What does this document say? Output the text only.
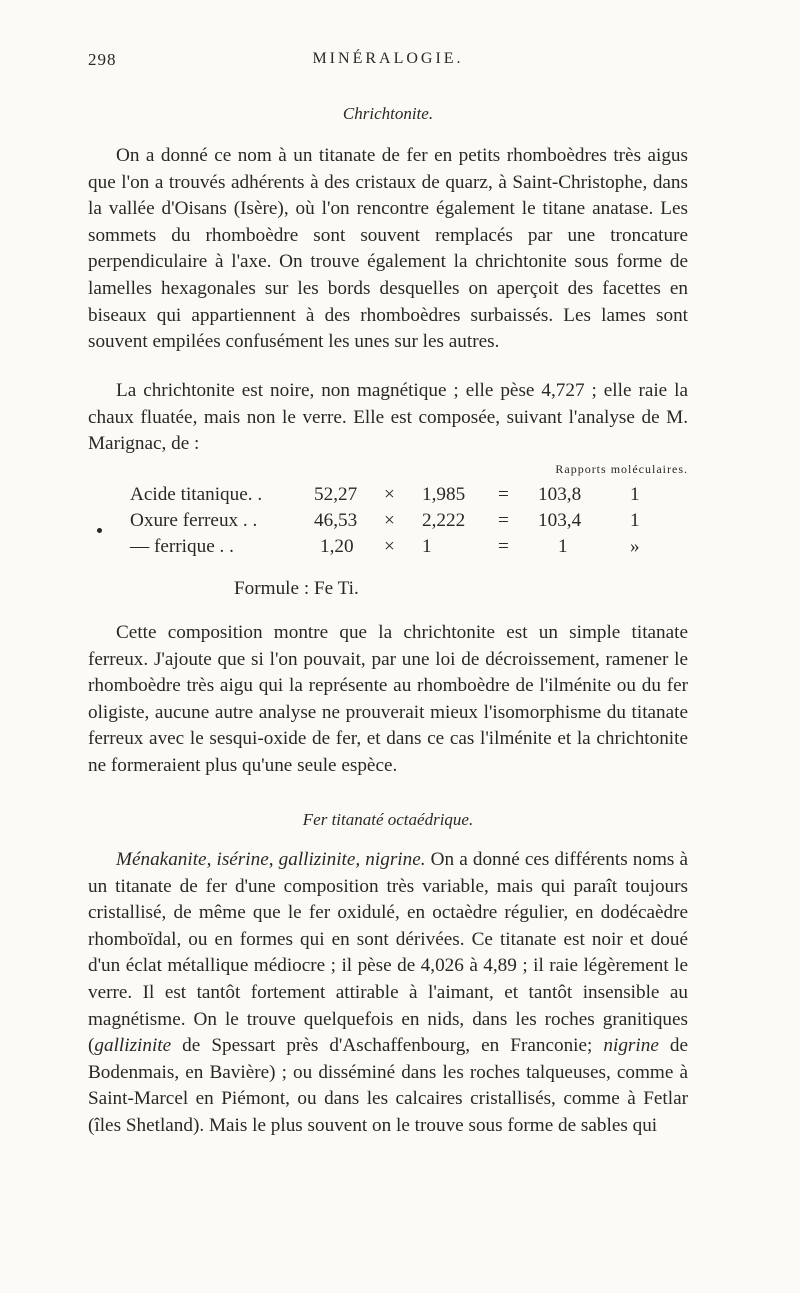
298	MINÉRALOGIE.
Chrichtonite.

On a donné ce nom à un titanate de fer en petits rhomboèdres très aigus que l'on a trouvés adhérents à des cristaux de quarz, à Saint-Christophe, dans la vallée d'Oisans (Isère), où l'on rencontre également le titane anatase. Les sommets du rhomboèdre sont souvent remplacés par une troncature perpendiculaire à l'axe. On trouve également la chrichtonite sous forme de lamelles hexagonales sur les bords desquelles on aperçoit des facettes en biseaux qui appartiennent à des rhomboèdres surbaissés. Les lames sont souvent empilées confusément les unes sur les autres.

La chrichtonite est noire, non magnétique ; elle pèse 4,727 ; elle raie la chaux fluatée, mais non le verre. Elle est composée, suivant l'analyse de M. Marignac, de :

Rapports moléculaires.
Acide titanique. .	52,27 × 1,985 = 103,8	1
Oxure ferreux . .	46,53 × 2,222 = 103,4	1
— ferrique . .	1,20 × 1	=	1	»
Formule : Fe Ti.

Cette composition montre que la chrichtonite est un simple titanate ferreux. J'ajoute que si l'on pouvait, par une loi de décroissement, ramener le rhomboèdre très aigu qui la représente au rhomboèdre de l'ilménite ou du fer oligiste, aucune autre analyse ne prouverait mieux l'isomorphisme du titanate ferreux avec le sesqui-oxide de fer, et dans ce cas l'ilménite et la chrichtonite ne formeraient plus qu'une seule espèce.

Fer titanaté octaédrique.

Ménakanite, isérine, gallizinite, nigrine. On a donné ces différents noms à un titanate de fer d'une composition très variable, mais qui paraît toujours cristallisé, de même que le fer oxidulé, en octaèdre régulier, en dodécaèdre rhomboïdal, ou en formes qui en sont dérivées. Ce titanate est noir et doué d'un éclat métallique médiocre ; il pèse de 4,026 à 4,89 ; il raie légèrement le verre. Il est tantôt fortement attirable à l'aimant, et tantôt insensible au magnétisme. On le trouve quelquefois en nids, dans les roches granitiques (gallizinite de Spessart près d'Aschaffenbourg, en Franconie; nigrine de Bodenmais, en Bavière) ; ou disséminé dans les roches talqueuses, comme à Saint-Marcel en Piémont, ou dans les calcaires cristallisés, comme à Fetlar (îles Shetland). Mais le plus souvent on le trouve sous forme de sables qui
